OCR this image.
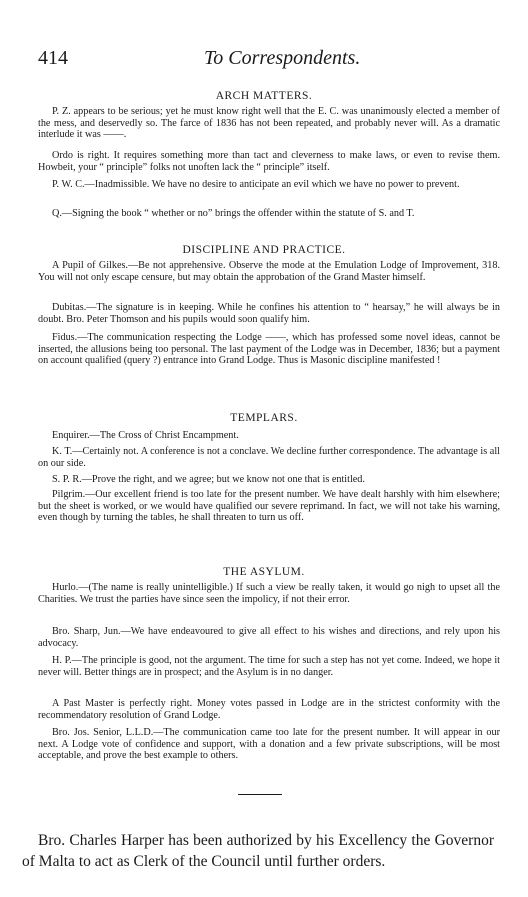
414	To Correspondents.
ARCH MATTERS.

P. Z. appears to be serious; yet he must know right well that the E. C. was unanimously elected a member of the mess, and deservedly so. The farce of 1836 has not been repeated, and probably never will. As a dramatic interlude it was ——.

Ordo is right. It requires something more than tact and cleverness to make laws, or even to revise them. Howbeit, your “ principle” folks not unoften lack the “ principle” itself.

P. W. C.—Inadmissible. We have no desire to anticipate an evil which we have no power to prevent.

Q.—Signing the book “ whether or no” brings the offender within the statute of S. and T.

DISCIPLINE AND PRACTICE.

A Pupil of Gilkes.—Be not apprehensive. Observe the mode at the Emulation Lodge of Improvement, 318. You will not only escape censure, but may obtain the approbation of the Grand Master himself.

Dubitas.—The signature is in keeping. While he confines his attention to “ hearsay,” he will always be in doubt. Bro. Peter Thomson and his pupils would soon qualify him.

Fidus.—The communication respecting the Lodge ——, which has professed some novel ideas, cannot be inserted, the allusions being too personal. The last payment of the Lodge was in December, 1836; but a payment on account qualified (query ?) entrance into Grand Lodge. Thus is Masonic discipline manifested !

TEMPLARS.

Enquirer.—The Cross of Christ Encampment.

K. T.—Certainly not. A conference is not a conclave. We decline further correspondence. The advantage is all on our side.

S. P. R.—Prove the right, and we agree; but we know not one that is entitled.

Pilgrim.—Our excellent friend is too late for the present number. We have dealt harshly with him elsewhere; but the sheet is worked, or we would have qualified our severe reprimand. In fact, we will not take his warning, even though by turning the tables, he shall threaten to turn us off.

THE ASYLUM.

Hurlo.—(The name is really unintelligible.) If such a view be really taken, it would go nigh to upset all the Charities. We trust the parties have since seen the impolicy, if not their error.

Bro. Sharp, Jun.—We have endeavoured to give all effect to his wishes and directions, and rely upon his advocacy.

H. P.—The principle is good, not the argument. The time for such a step has not yet come. Indeed, we hope it never will. Better things are in prospect; and the Asylum is in no danger.

A Past Master is perfectly right. Money votes passed in Lodge are in the strictest conformity with the recommendatory resolution of Grand Lodge.

Bro. Jos. Senior, L.L.D.—The communication came too late for the present number. It will appear in our next. A Lodge vote of confidence and support, with a donation and a few private subscriptions, will be most acceptable, and prove the best example to others.

Bro. Charles Harper has been authorized by his Excellency the Governor of Malta to act as Clerk of the Council until further orders.
